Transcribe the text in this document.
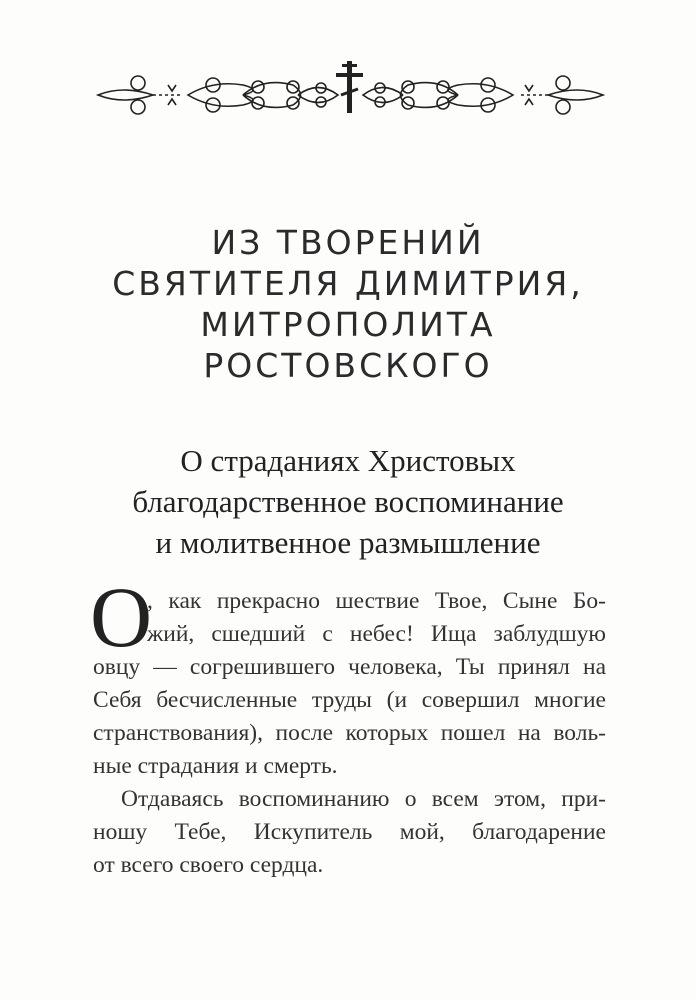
ИЗ ТВОРЕНИЙ
СВЯТИТЕЛЯ ДИМИТРИЯ,
МИТРОПОЛИТА
РОСТОВСКОГО
О страданиях Христовых
благодарственное воспоминание
и молитвенное размышление
О
, как прекрасно шествие Твое, Сыне Бо-
жий, сшедший с небес! Ища заблудшую
овцу — согрешившего человека, Ты принял на
Себя бесчисленные труды (и совершил многие
странствования), после которых пошел на воль-
ные страдания и смерть.
Отдаваясь воспоминанию о всем этом, при-
ношу Тебе, Искупитель мой, благодарение
от всего своего сердца.
